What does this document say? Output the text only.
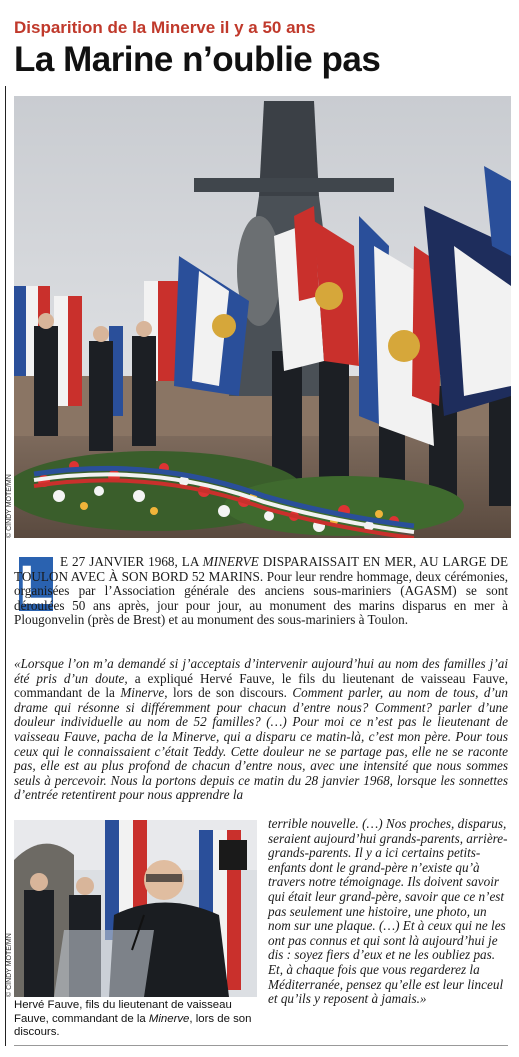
Disparition de la Minerve il y a 50 ans
La Marine n’oublie pas
© CINDY MOTE/MN
L E 27 JANVIER 1968, LA MINERVE DISPARAISSAIT EN MER, AU LARGE DE TOULON AVEC À SON BORD 52 MARINS. Pour leur rendre hommage, deux cérémonies, organisées par l’Association générale des anciens sous-mariniers (AGASM) se sont déroulées 50 ans après, jour pour jour, au monument des marins disparus en mer à Plougonvelin (près de Brest) et au monument des sous-mariniers à Toulon.

«Lorsque l’on m’a demandé si j’acceptais d’intervenir aujourd’hui au nom des familles j’ai été pris d’un doute, a expliqué Hervé Fauve, le fils du lieutenant de vaisseau Fauve, commandant de la Minerve, lors de son discours. Comment parler, au nom de tous, d’un drame qui résonne si différemment pour chacun d’entre nous? Comment? parler d’une douleur individuelle au nom de 52 familles? (…) Pour moi ce n’est pas le lieutenant de vaisseau Fauve, pacha de la Minerve, qui a disparu ce matin-là, c’est mon père. Pour tous ceux qui le connaissaient c’était Teddy. Cette douleur ne se partage pas, elle ne se raconte pas, elle est au plus profond de chacun d’entre nous, avec une intensité que nous sommes seuls à percevoir. Nous la portons depuis ce matin du 28 janvier 1968, lorsque les sonnettes d’entrée retentirent pour nous apprendre la
© CINDY MOTE/MN
terrible nouvelle. (…) Nos proches, disparus, seraient aujourd’hui grands-parents, arrière-grands-parents. Il y a ici certains petits-enfants dont le grand-père n’existe qu’à travers notre témoignage. Ils doivent savoir qui était leur grand-père, savoir que ce n’est pas seulement une histoire, une photo, un nom sur une plaque. (…) Et à ceux qui ne les ont pas connus et qui sont là aujourd’hui je dis : soyez fiers d’eux et ne les oubliez pas. Et, à chaque fois que vous regarderez la Méditerranée, pensez qu’elle est leur linceul et qu’ils y reposent à jamais.»
Hervé Fauve, fils du lieutenant de vaisseau Fauve, commandant de la Minerve, lors de son discours.
